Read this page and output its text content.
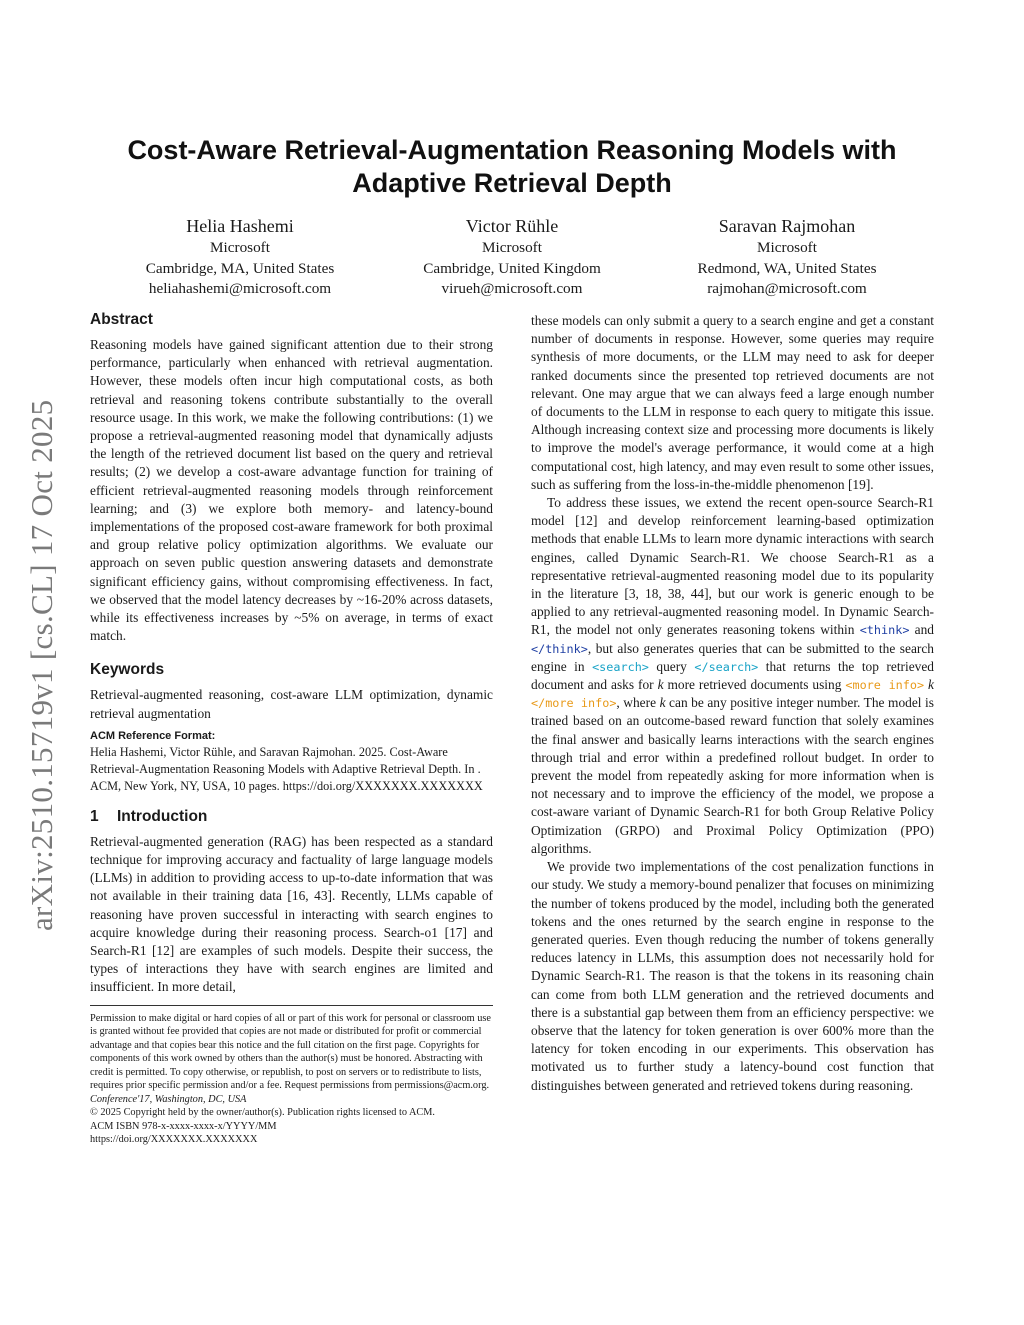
arXiv:2510.15719v1 [cs.CL] 17 Oct 2025
Cost-Aware Retrieval-Augmentation Reasoning Models with Adaptive Retrieval Depth
Helia Hashemi
Microsoft
Cambridge, MA, United States
heliahashemi@microsoft.com
Victor Rühle
Microsoft
Cambridge, United Kingdom
virueh@microsoft.com
Saravan Rajmohan
Microsoft
Redmond, WA, United States
rajmohan@microsoft.com
Abstract

Reasoning models have gained significant attention due to their strong performance, particularly when enhanced with retrieval augmentation. However, these models often incur high computational costs, as both retrieval and reasoning tokens contribute substantially to the overall resource usage. In this work, we make the following contributions: (1) we propose a retrieval-augmented reasoning model that dynamically adjusts the length of the retrieved document list based on the query and retrieval results; (2) we develop a cost-aware advantage function for training of efficient retrieval-augmented reasoning models through reinforcement learning; and (3) we explore both memory- and latency-bound implementations of the proposed cost-aware framework for both proximal and group relative policy optimization algorithms. We evaluate our approach on seven public question answering datasets and demonstrate significant efficiency gains, without compromising effectiveness. In fact, we observed that the model latency decreases by ~16-20% across datasets, while its effectiveness increases by ~5% on average, in terms of exact match.

Keywords

Retrieval-augmented reasoning, cost-aware LLM optimization, dynamic retrieval augmentation

ACM Reference Format:

Helia Hashemi, Victor Rühle, and Saravan Rajmohan. 2025. Cost-Aware Retrieval-Augmentation Reasoning Models with Adaptive Retrieval Depth. In . ACM, New York, NY, USA, 10 pages. https://doi.org/XXXXXXX.XXXXXXX

1 Introduction

Retrieval-augmented generation (RAG) has been respected as a standard technique for improving accuracy and factuality of large language models (LLMs) in addition to providing access to up-to-date information that was not available in their training data [16, 43]. Recently, LLMs capable of reasoning have proven successful in interacting with search engines to acquire knowledge during their reasoning process. Search-o1 [17] and Search-R1 [12] are examples of such models. Despite their success, the types of interactions they have with search engines are limited and insufficient. In more detail,

Permission to make digital or hard copies of all or part of this work for personal or classroom use is granted without fee provided that copies are not made or distributed for profit or commercial advantage and that copies bear this notice and the full citation on the first page. Copyrights for components of this work owned by others than the author(s) must be honored. Abstracting with credit is permitted. To copy otherwise, or republish, to post on servers or to redistribute to lists, requires prior specific permission and/or a fee. Request permissions from permissions@acm.org.
Conference'17, Washington, DC, USA
© 2025 Copyright held by the owner/author(s). Publication rights licensed to ACM.
ACM ISBN 978-x-xxxx-xxxx-x/YYYY/MM
https://doi.org/XXXXXXX.XXXXXXX

these models can only submit a query to a search engine and get a constant number of documents in response. However, some queries may require synthesis of more documents, or the LLM may need to ask for deeper ranked documents since the presented top retrieved documents are not relevant. One may argue that we can always feed a large enough number of documents to the LLM in response to each query to mitigate this issue. Although increasing context size and processing more documents is likely to improve the model's average performance, it would come at a high computational cost, high latency, and may even result to some other issues, such as suffering from the loss-in-the-middle phenomenon [19].

To address these issues, we extend the recent open-source Search-R1 model [12] and develop reinforcement learning-based optimization methods that enable LLMs to learn more dynamic interactions with search engines, called Dynamic Search-R1. We choose Search-R1 as a representative retrieval-augmented reasoning model due to its popularity in the literature [3, 18, 38, 44], but our work is generic enough to be applied to any retrieval-augmented reasoning model. In Dynamic Search-R1, the model not only generates reasoning tokens within <think> and </think>, but also generates queries that can be submitted to the search engine in <search> query </search> that returns the top retrieved document and asks for k more retrieved documents using <more info> k </more info>, where k can be any positive integer number. The model is trained based on an outcome-based reward function that solely examines the final answer and basically learns interactions with the search engines through trial and error within a predefined rollout budget. In order to prevent the model from repeatedly asking for more information when is not necessary and to improve the efficiency of the model, we propose a cost-aware variant of Dynamic Search-R1 for both Group Relative Policy Optimization (GRPO) and Proximal Policy Optimization (PPO) algorithms.

We provide two implementations of the cost penalization functions in our study. We study a memory-bound penalizer that focuses on minimizing the number of tokens produced by the model, including both the generated tokens and the ones returned by the search engine in response to the generated queries. Even though reducing the number of tokens generally reduces latency in LLMs, this assumption does not necessarily hold for Dynamic Search-R1. The reason is that the tokens in its reasoning chain can come from both LLM generation and the retrieved documents and there is a substantial gap between them from an efficiency perspective: we observe that the latency for token generation is over 600% more than the latency for token encoding in our experiments. This observation has motivated us to further study a latency-bound cost function that distinguishes between generated and retrieved tokens during reasoning.
